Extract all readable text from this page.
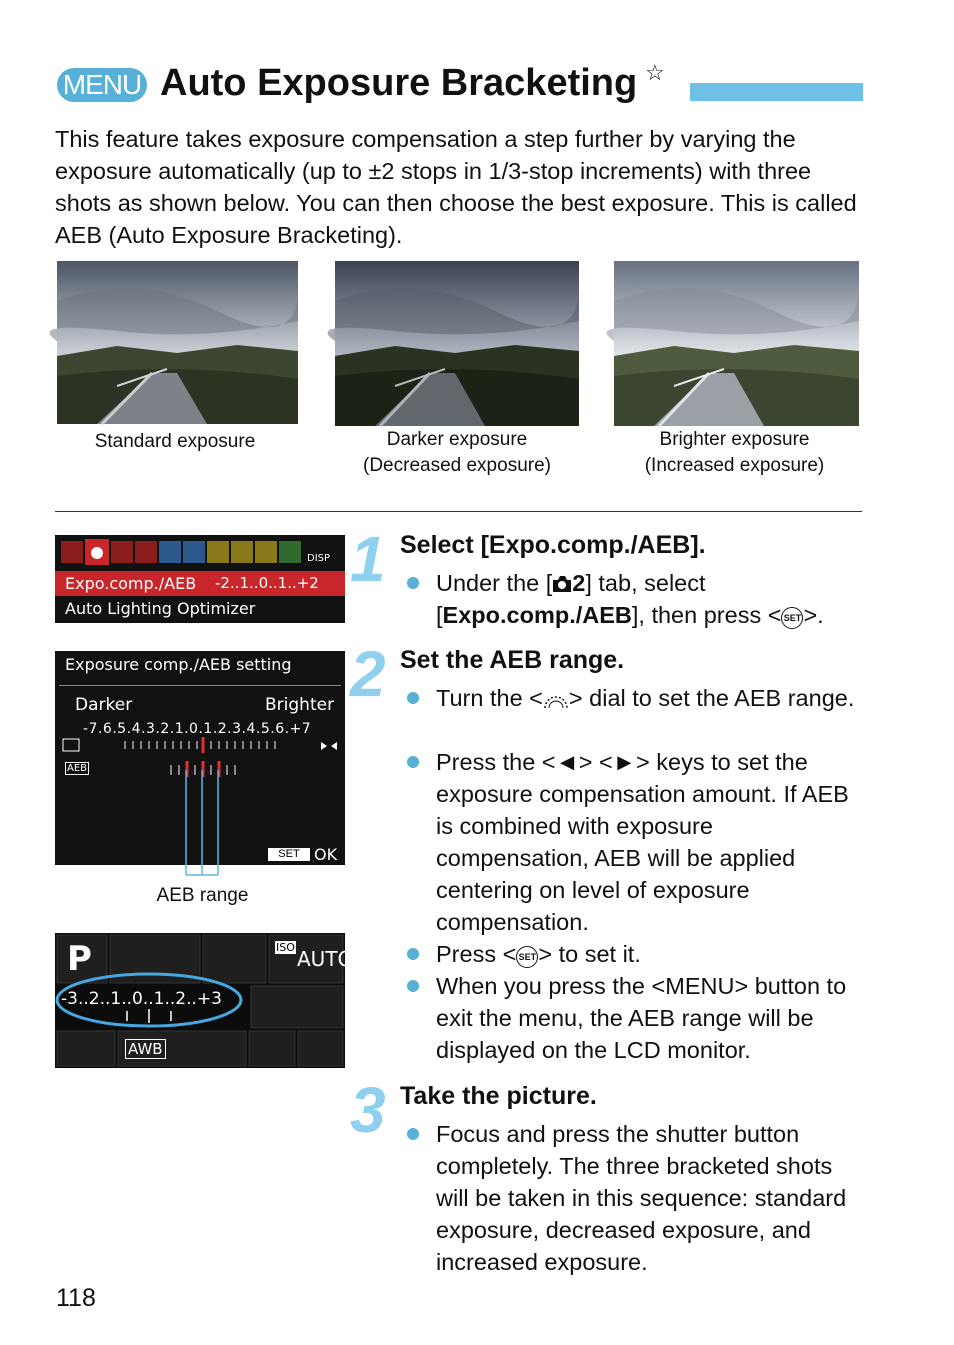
MENU Auto Exposure Bracketing ☆

This feature takes exposure compensation a step further by varying the exposure automatically (up to ±2 stops in 1/3-stop increments) with three shots as shown below. You can then choose the best exposure. This is called AEB (Auto Exposure Bracketing).

Standard exposure	Darker exposure
(Decreased exposure)
Brighter exposure
(Increased exposure)
DISP
Expo.comp./AEB -2..1..0..1..+2
Auto Lighting Optimizer
Exposure comp./AEB setting
Darker	Brighter
-7.6.5.4.3.2.1.0.1.2.3.4.5.6.+7
AEB
SET OK
AEB range
P	ISO AUTO
-3..2..1..0..1..2..+3
AWB
1 Select [Expo.comp./AEB].

Under the [ 2] tab, select [Expo.comp./AEB], then press < SET>.

2 Set the AEB range.

Turn the < > dial to set the AEB range.

Press the <◄> <►> keys to set the exposure compensation amount. If AEB is combined with exposure compensation, AEB will be applied centering on level of exposure compensation.

Press < SET> to set it.

When you press the <MENU> button to exit the menu, the AEB range will be displayed on the LCD monitor.

3 Take the picture.

Focus and press the shutter button completely. The three bracketed shots will be taken in this sequence: standard exposure, decreased exposure, and increased exposure.

118
